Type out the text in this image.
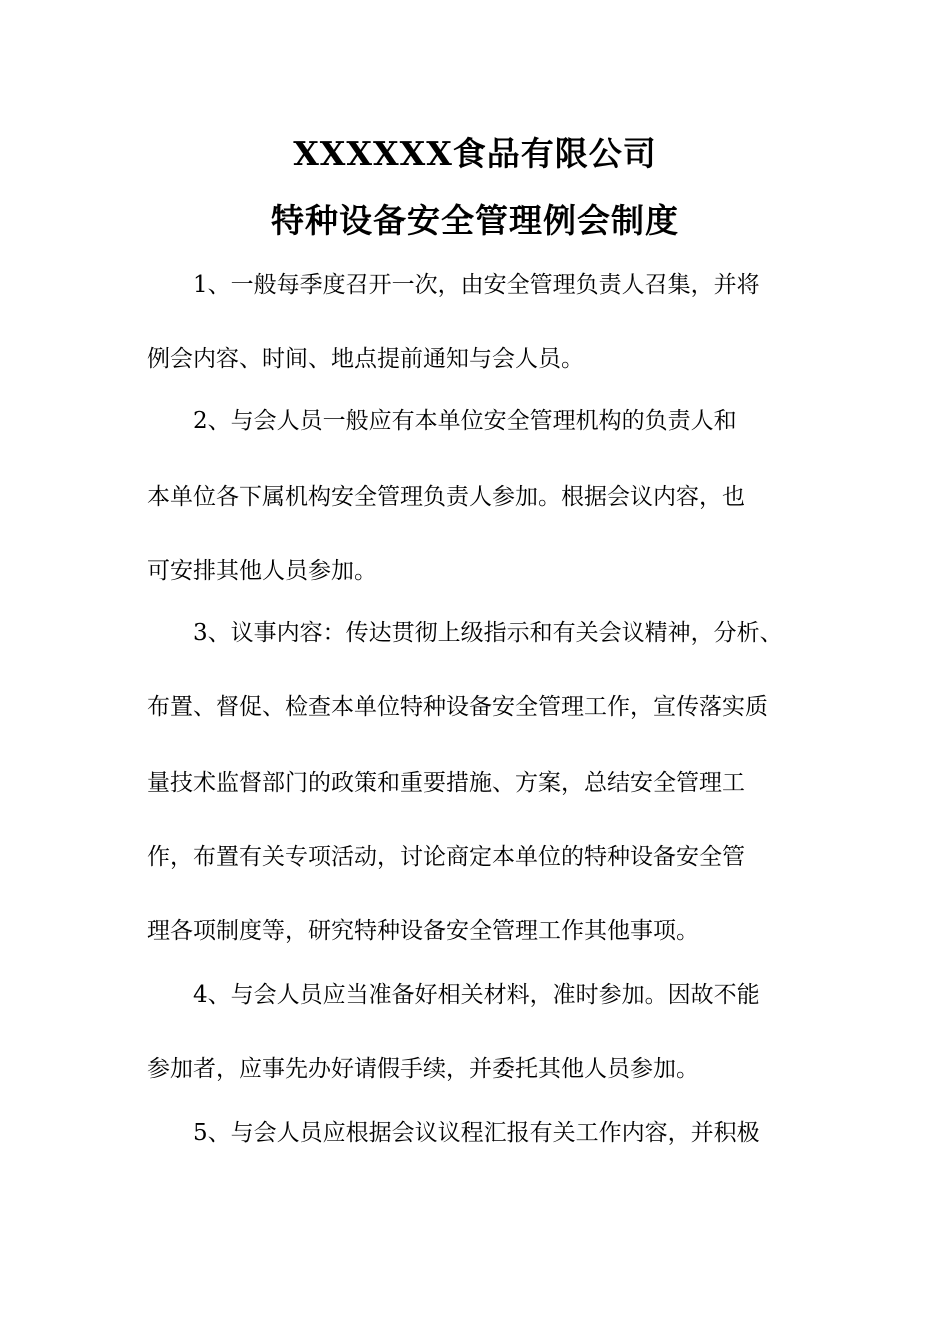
XXXXXX食品有限公司
特种设备安全管理例会制度
1、一般每季度召开一次，由安全管理负责人召集，并将
例会内容、时间、地点提前通知与会人员。
2、与会人员一般应有本单位安全管理机构的负责人和
本单位各下属机构安全管理负责人参加。根据会议内容，也
可安排其他人员参加。
3、议事内容：传达贯彻上级指示和有关会议精神，分析、
布置、督促、检查本单位特种设备安全管理工作，宣传落实质
量技术监督部门的政策和重要措施、方案，总结安全管理工
作，布置有关专项活动，讨论商定本单位的特种设备安全管
理各项制度等，研究特种设备安全管理工作其他事项。
4、与会人员应当准备好相关材料，准时参加。因故不能
参加者，应事先办好请假手续，并委托其他人员参加。
5、与会人员应根据会议议程汇报有关工作内容，并积极
